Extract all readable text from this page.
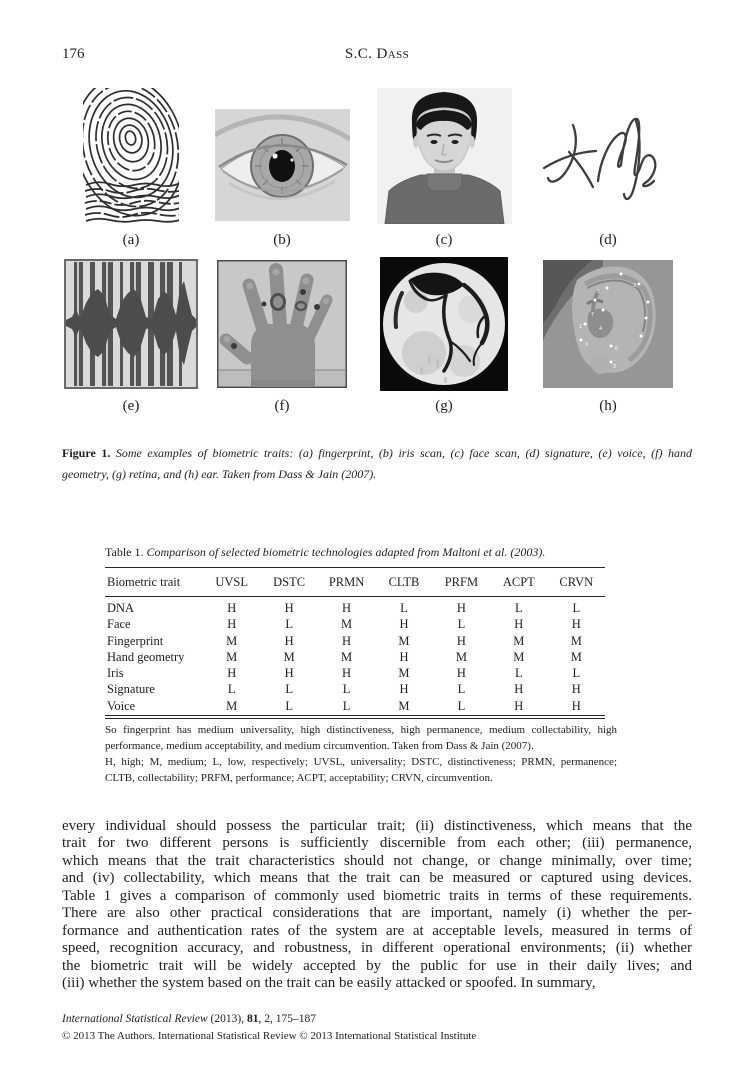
176	S.C. Dass
(a)	(b)	(c)	(d)
1
2
3
4
5
6
7
9
(e)	(f)	(g)	(h)
Figure 1. Some examples of biometric traits: (a) fingerprint, (b) iris scan, (c) face scan, (d) signature, (e) voice, (f) hand
geometry, (g) retina, and (h) ear. Taken from Dass & Jain (2007).
Table 1. Comparison of selected biometric technologies adapted from Maltoni et al. (2003).
Biometric trait	UVSL	DSTC	PRMN	CLTB	PRFM	ACPT	CRVN
DNA	H	H	H	L	H	L	L
Face	H	L	M	H	L	H	H
Fingerprint	M	H	H	M	H	M	M
Hand geometry	M	M	M	H	M	M	M
Iris	H	H	H	M	H	L	L
Signature	L	L	L	H	L	H	H
Voice	M	L	L	M	L	H	H
So fingerprint has medium universality, high distinctiveness, high permanence, medium collectability, high
performance, medium acceptability, and medium circumvention. Taken from Dass & Jain (2007).
H, high; M, medium; L, low, respectively; UVSL, universality; DSTC, distinctiveness; PRMN, permanence;
CLTB, collectability; PRFM, performance; ACPT, acceptability; CRVN, circumvention.
every individual should possess the particular trait; (ii) distinctiveness, which means that the
trait for two different persons is sufficiently discernible from each other; (iii) permanence,
which means that the trait characteristics should not change, or change minimally, over time;
and (iv) collectability, which means that the trait can be measured or captured using devices.
Table 1 gives a comparison of commonly used biometric traits in terms of these requirements.
There are also other practical considerations that are important, namely (i) whether the per-
formance and authentication rates of the system are at acceptable levels, measured in terms of
speed, recognition accuracy, and robustness, in different operational environments; (ii) whether
the biometric trait will be widely accepted by the public for use in their daily lives; and
(iii) whether the system based on the trait can be easily attacked or spoofed. In summary,
International Statistical Review (2013), 81, 2, 175–187
© 2013 The Authors. International Statistical Review © 2013 International Statistical Institute
